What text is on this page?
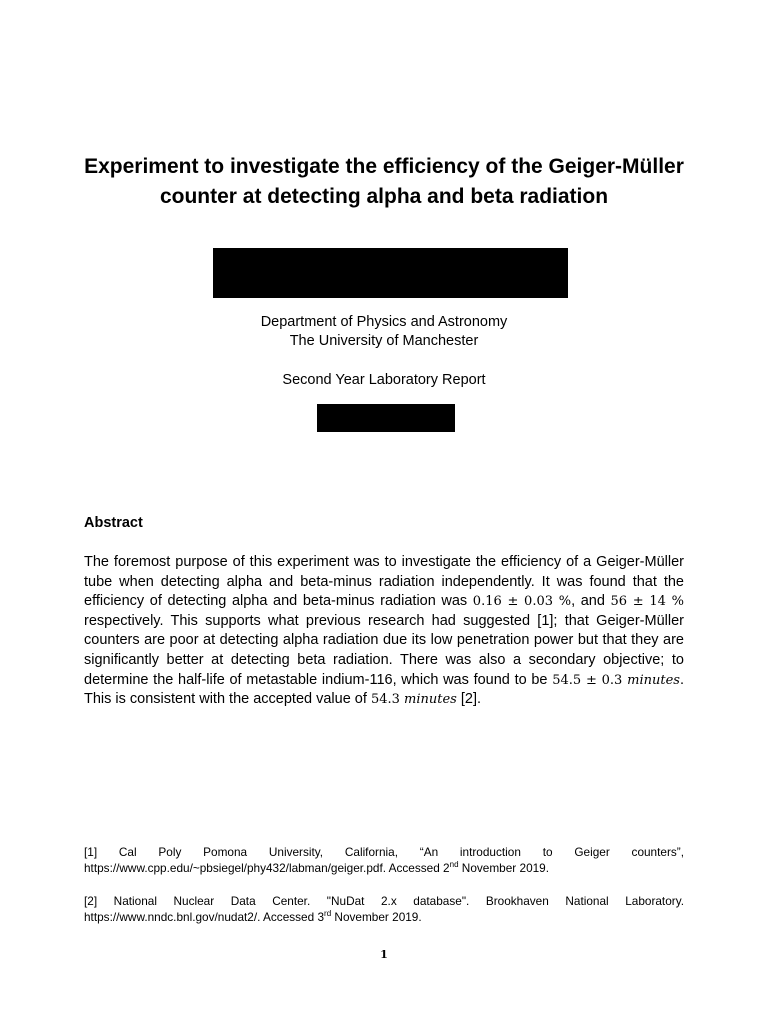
Experiment to investigate the efficiency of the Geiger-Müller counter at detecting alpha and beta radiation
Department of Physics and Astronomy
The University of Manchester
Second Year Laboratory Report
Abstract

The foremost purpose of this experiment was to investigate the efficiency of a Geiger-Müller tube when detecting alpha and beta-minus radiation independently. It was found that the efficiency of detecting alpha and beta-minus radiation was 0.16 ± 0.03 %, and 56 ± 14 % respectively. This supports what previous research had suggested [1]; that Geiger-Müller counters are poor at detecting alpha radiation due its low penetration power but that they are significantly better at detecting beta radiation. There was also a secondary objective; to determine the half-life of metastable indium-116, which was found to be 54.5 ± 0.3 minutes. This is consistent with the accepted value of 54.3 minutes [2].

[1] Cal Poly Pomona University, California, “An introduction to Geiger counters”,
https://www.cpp.edu/~pbsiegel/phy432/labman/geiger.pdf. Accessed 2nd November 2019.

[2] National Nuclear Data Center. "NuDat 2.x database". Brookhaven National Laboratory.
https://www.nndc.bnl.gov/nudat2/. Accessed 3rd November 2019.

1
